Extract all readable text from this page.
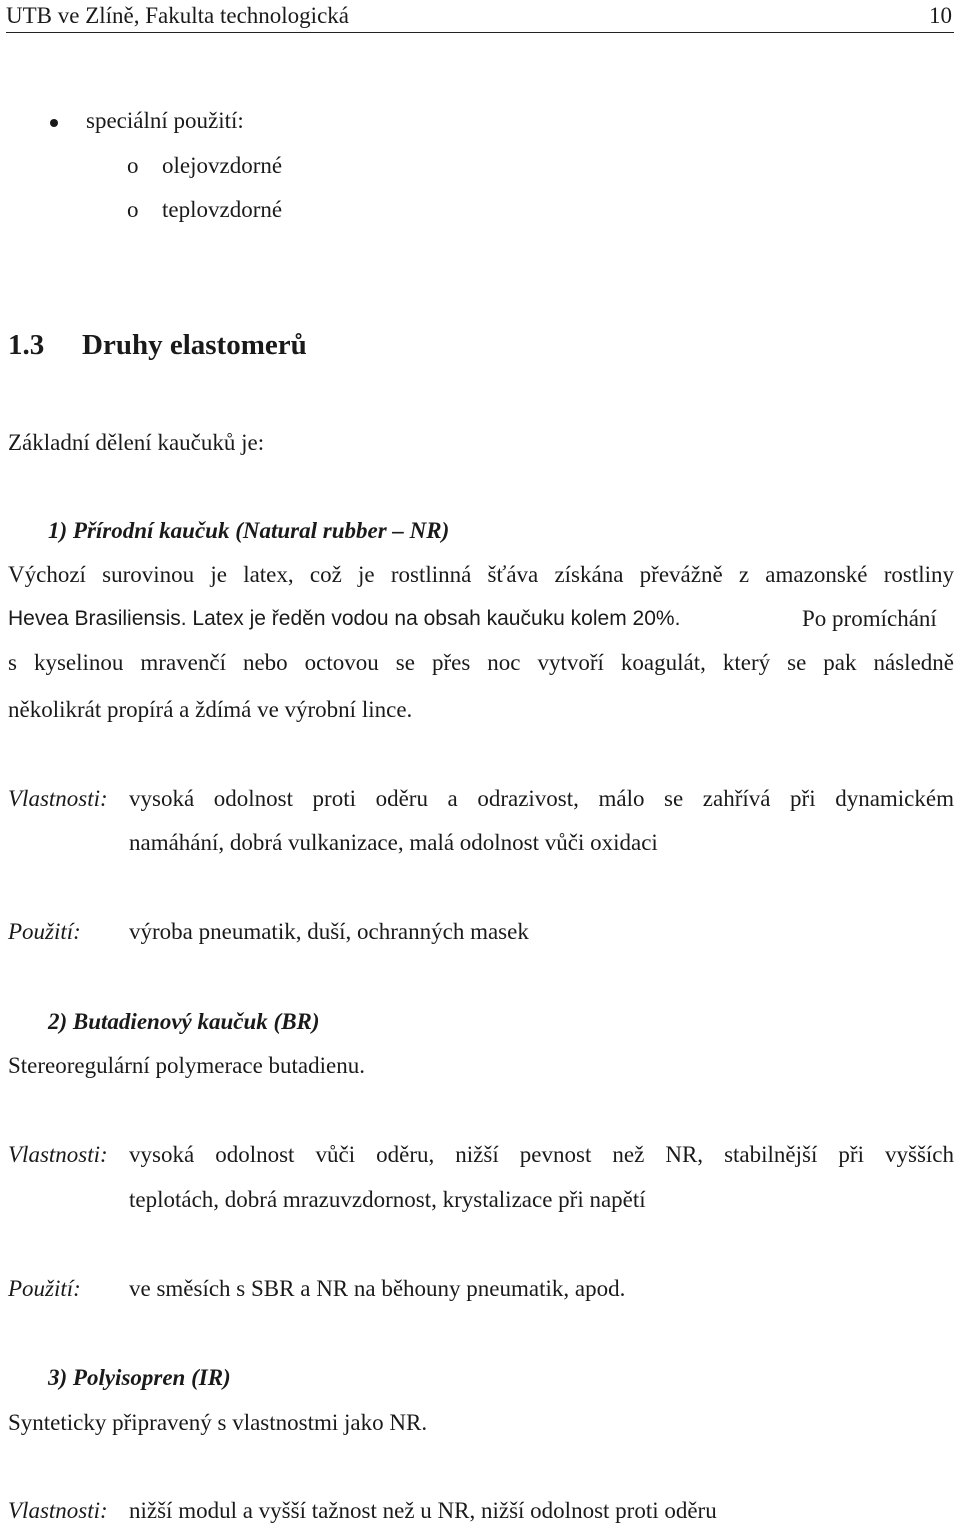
UTB ve Zlíně, Fakulta technologická	10
speciální použití:
o olejovzdorné
o teplovzdorné
1.3 Druhy elastomerů
Základní dělení kaučuků je:
1) Přírodní kaučuk (Natural rubber – NR)
Výchozí surovinou je latex, což je rostlinná šťáva získána převážně z amazonské rostliny
Hevea Brasiliensis. Latex je ředěn vodou na obsah kaučuku kolem 20%.	Po promíchání
s kyselinou mravenčí nebo octovou se přes noc vytvoří koagulát, který se pak následně
několikrát propírá a ždímá ve výrobní lince.
Vlastnosti: vysoká odolnost proti oděru a odrazivost, málo se zahřívá při dynamickém
namáhání, dobrá vulkanizace, malá odolnost vůči oxidaci
Použití: výroba pneumatik, duší, ochranných masek
2) Butadienový kaučuk (BR)
Stereoregulární polymerace butadienu.
Vlastnosti: vysoká odolnost vůči oděru, nižší pevnost než NR, stabilnější při vyšších
teplotách, dobrá mrazuvzdornost, krystalizace při napětí
Použití: ve směsích s SBR a NR na běhouny pneumatik, apod.
3) Polyisopren (IR)
Synteticky připravený s vlastnostmi jako NR.
Vlastnosti: nižší modul a vyšší tažnost než u NR, nižší odolnost proti oděru
